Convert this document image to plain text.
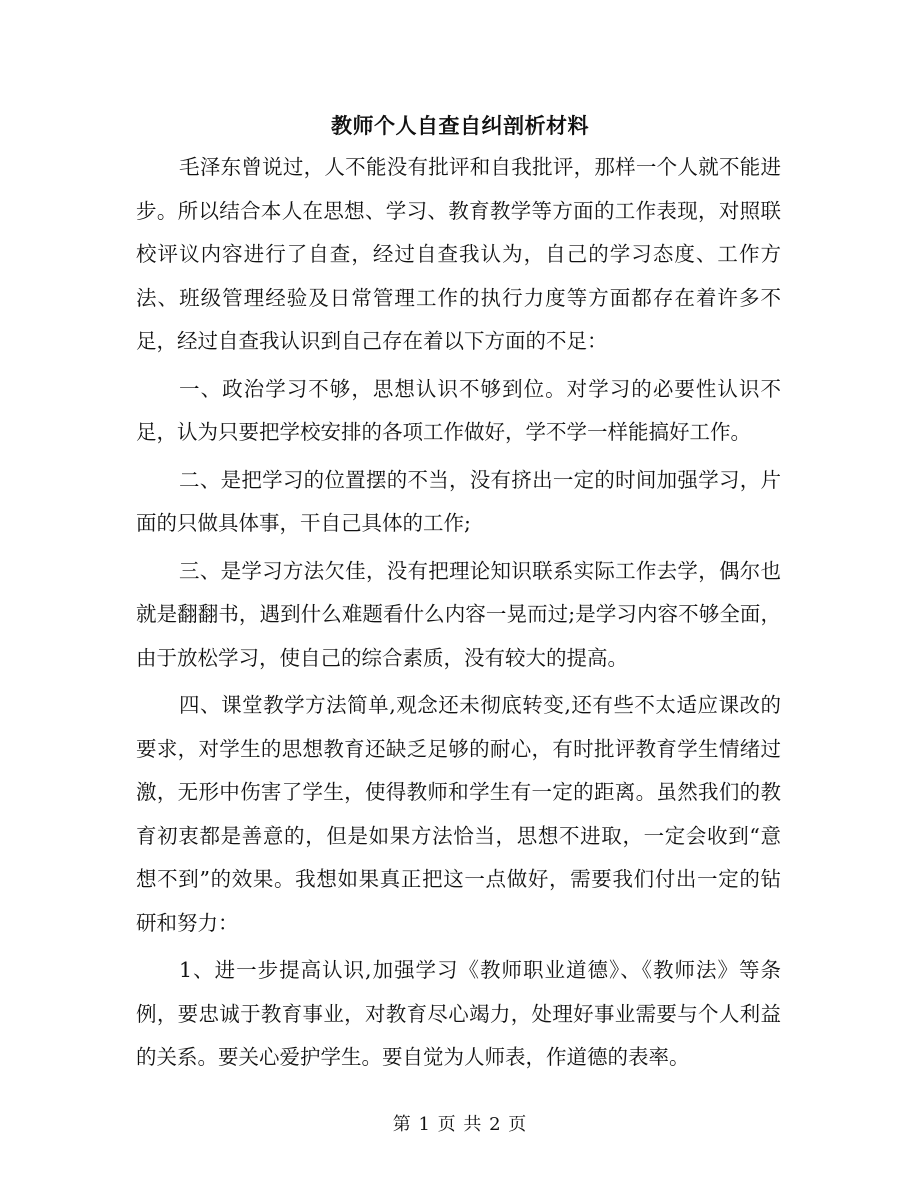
教师个人自查自纠剖析材料

毛泽东曾说过，人不能没有批评和自我批评，那样一个人就不能进步。所以结合本人在思想、学习、教育教学等方面的工作表现，对照联校评议内容进行了自查，经过自查我认为，自己的学习态度、工作方法、班级管理经验及日常管理工作的执行力度等方面都存在着许多不足，经过自查我认识到自己存在着以下方面的不足：

一、政治学习不够，思想认识不够到位。对学习的必要性认识不足，认为只要把学校安排的各项工作做好，学不学一样能搞好工作。

二、是把学习的位置摆的不当，没有挤出一定的时间加强学习，片面的只做具体事，干自己具体的工作;

三、是学习方法欠佳，没有把理论知识联系实际工作去学，偶尔也就是翻翻书，遇到什么难题看什么内容一晃而过;是学习内容不够全面，由于放松学习，使自己的综合素质，没有较大的提高。

四、课堂教学方法简单,观念还未彻底转变,还有些不太适应课改的要求，对学生的思想教育还缺乏足够的耐心，有时批评教育学生情绪过激，无形中伤害了学生，使得教师和学生有一定的距离。虽然我们的教育初衷都是善意的，但是如果方法恰当，思想不进取，一定会收到“意想不到”的效果。我想如果真正把这一点做好，需要我们付出一定的钻研和努力：

1、进一步提高认识,加强学习《教师职业道德》、《教师法》等条例，要忠诚于教育事业，对教育尽心竭力，处理好事业需要与个人利益的关系。要关心爱护学生。要自觉为人师表，作道德的表率。

第 1 页 共 2 页
